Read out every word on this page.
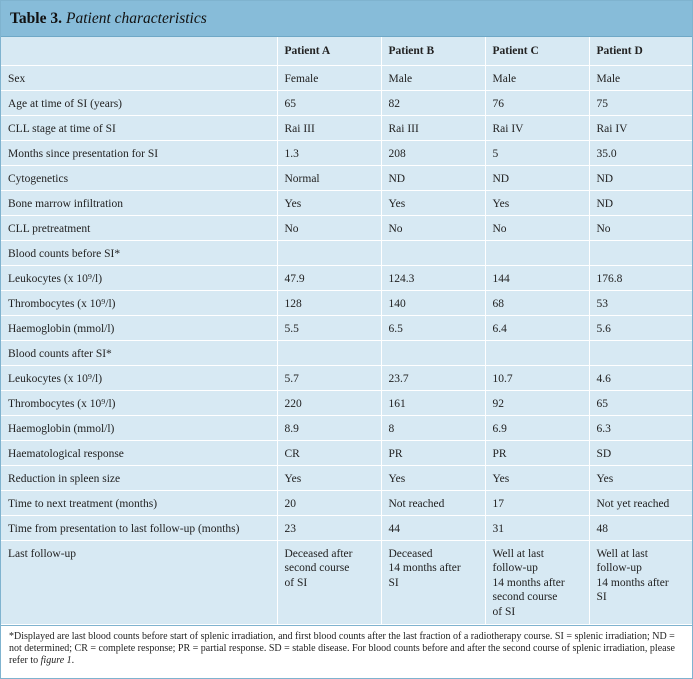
Table 3. Patient characteristics
	Patient A	Patient B	Patient C	Patient D
Sex	Female	Male	Male	Male
Age at time of SI (years)	65	82	76	75
CLL stage at time of SI	Rai III	Rai III	Rai IV	Rai IV
Months since presentation for SI	1.3	208	5	35.0
Cytogenetics	Normal	ND	ND	ND
Bone marrow infiltration	Yes	Yes	Yes	ND
CLL pretreatment	No	No	No	No
Blood counts before SI*				
Leukocytes (x 10⁹/l)	47.9	124.3	144	176.8
Thrombocytes (x 10⁹/l)	128	140	68	53
Haemoglobin (mmol/l)	5.5	6.5	6.4	5.6
Blood counts after SI*				
Leukocytes (x 10⁹/l)	5.7	23.7	10.7	4.6
Thrombocytes (x 10⁹/l)	220	161	92	65
Haemoglobin (mmol/l)	8.9	8	6.9	6.3
Haematological response	CR	PR	PR	SD
Reduction in spleen size	Yes	Yes	Yes	Yes
Time to next treatment (months)	20	Not reached	17	Not yet reached
Time from presentation to last follow-up (months)	23	44	31	48
Last follow-up	Deceased after
second course
of SI	Deceased
14 months after
SI	Well at last
follow-up
14 months after
second course
of SI	Well at last
follow-up
14 months after
SI
*Displayed are last blood counts before start of splenic irradiation, and first blood counts after the last fraction of a radiotherapy course. SI = splenic irradiation; ND = not determined; CR = complete response; PR = partial response. SD = stable disease. For blood counts before and after the second course of splenic irradiation, please refer to figure 1.
